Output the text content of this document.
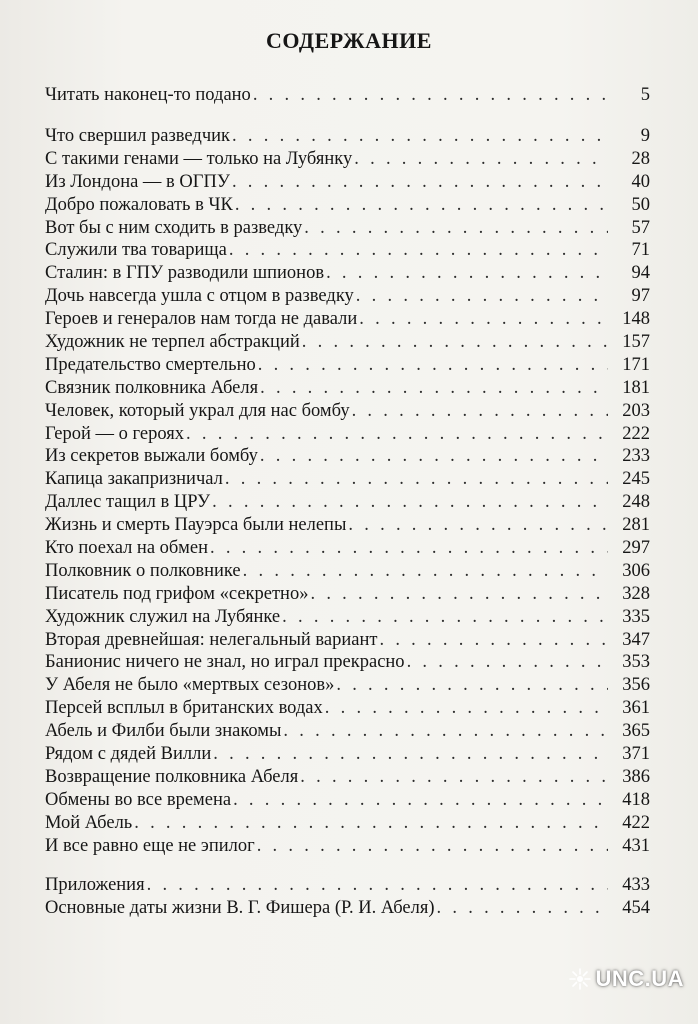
СОДЕРЖАНИЕ
Читать наконец-то подано . . .	5
Что свершил разведчик . . .	9
С такими генами — только на Лубянку . . .	28
Из Лондона — в ОГПУ . . .	40
Добро пожаловать в ЧК . . .	50
Вот бы с ним сходить в разведку . . .	57
Служили тва товарища . . .	71
Сталин: в ГПУ разводили шпионов . . .	94
Дочь навсегда ушла с отцом в разведку . . .	97
Героев и генералов нам тогда не давали . . .	148
Художник не терпел абстракций . . .	157
Предательство смертельно . . .	171
Связник полковника Абеля . . .	181
Человек, который украл для нас бомбу . . .	203
Герой — о героях . . .	222
Из секретов выжали бомбу . . .	233
Капица закапризничал . . .	245
Даллес тащил в ЦРУ . . .	248
Жизнь и смерть Пауэрса были нелепы . . .	281
Кто поехал на обмен . . .	297
Полковник о полковнике . . .	306
Писатель под грифом «секретно» . . .	328
Художник служил на Лубянке . . .	335
Вторая древнейшая: нелегальный вариант . . .	347
Банионис ничего не знал, но играл прекрасно . . .	353
У Абеля не было «мертвых сезонов» . . .	356
Персей всплыл в британских водах . . .	361
Абель и Филби были знакомы . . .	365
Рядом с дядей Вилли . . .	371
Возвращение полковника Абеля . . .	386
Обмены во все времена . . .	418
Мой Абель . . .	422
И все равно еще не эпилог . . .	431
Приложения . . .	433
Основные даты жизни В. Г. Фишера (Р. И. Абеля) . . .	454
UNC.UA
